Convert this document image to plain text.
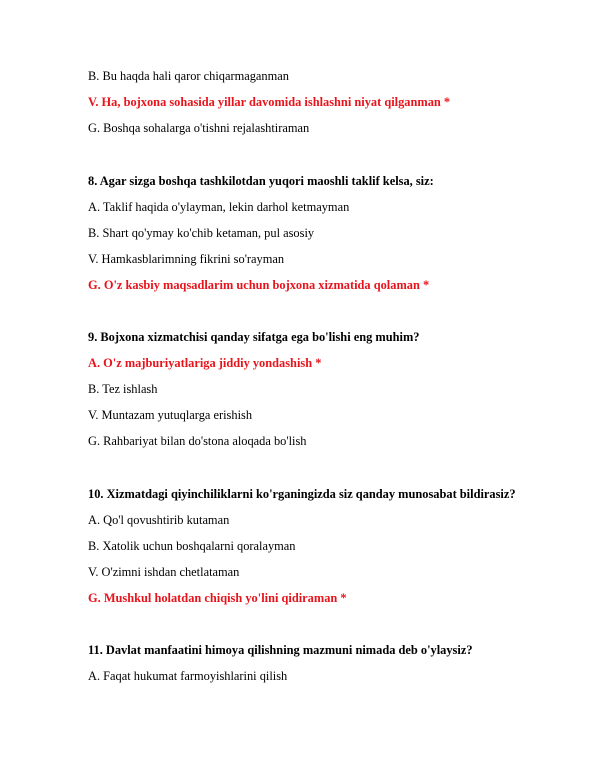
B. Bu haqda hali qaror chiqarmaganman
V. Ha, bojxona sohasida yillar davomida ishlashni niyat qilganman *
G. Boshqa sohalarga o'tishni rejalashtiraman
8. Agar sizga boshqa tashkilotdan yuqori maoshli taklif kelsa, siz:
A. Taklif haqida o'ylayman, lekin darhol ketmayman
B. Shart qo'ymay ko'chib ketaman, pul asosiy
V. Hamkasblarimning fikrini so'rayman
G. O'z kasbiy maqsadlarim uchun bojxona xizmatida qolaman *
9. Bojxona xizmatchisi qanday sifatga ega bo'lishi eng muhim?
A. O'z majburiyatlariga jiddiy yondashish *
B. Tez ishlash
V. Muntazam yutuqlarga erishish
G. Rahbariyat bilan do'stona aloqada bo'lish
10. Xizmatdagi qiyinchiliklarni ko'rganingizda siz qanday munosabat bildirasiz?
A. Qo'l qovushtirib kutaman
B. Xatolik uchun boshqalarni qoralayman
V. O'zimni ishdan chetlataman
G. Mushkul holatdan chiqish yo'lini qidiraman *
11. Davlat manfaatini himoya qilishning mazmuni nimada deb o'ylaysiz?
A. Faqat hukumat farmoyishlarini qilish
